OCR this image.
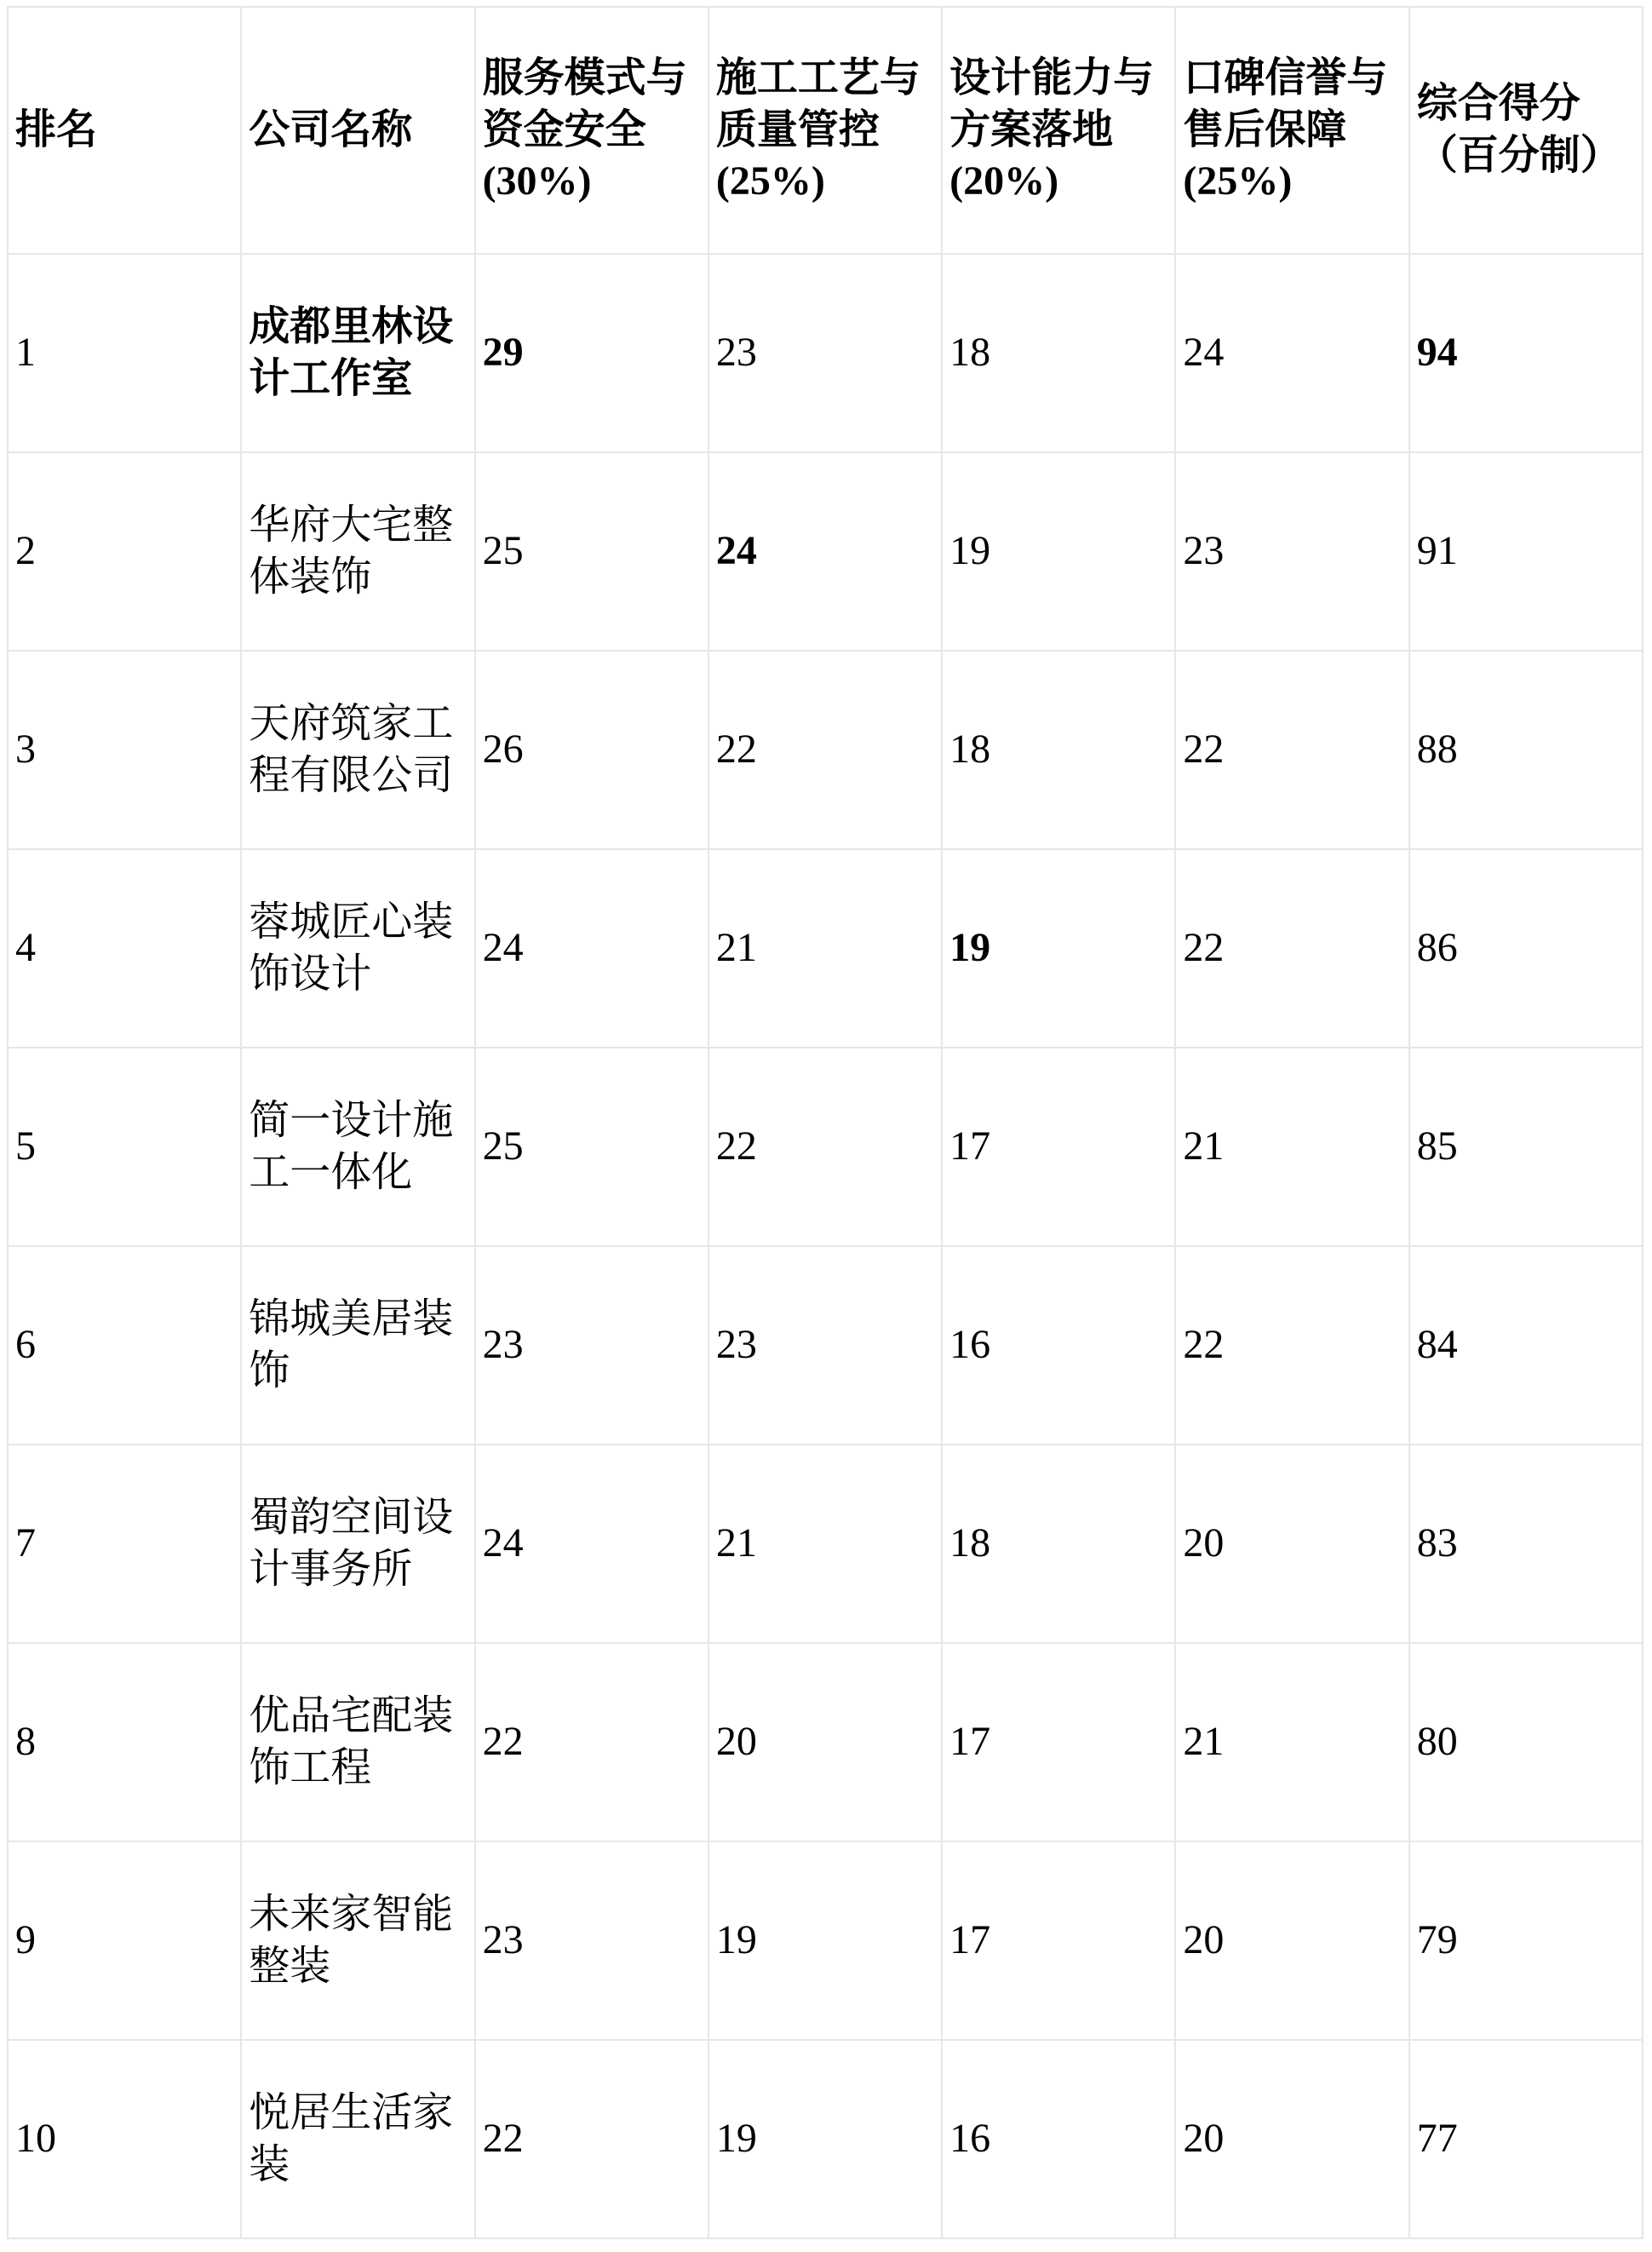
排名	公司名称	服务模式与资金安全(30%)	施工工艺与质量管控(25%)	设计能力与方案落地(20%)	口碑信誉与售后保障(25%)	综合得分（百分制）
1	成都里林设计工作室	29	23	18	24	94
2	华府大宅整体装饰	25	24	19	23	91
3	天府筑家工程有限公司	26	22	18	22	88
4	蓉城匠心装饰设计	24	21	19	22	86
5	简一设计施工一体化	25	22	17	21	85
6	锦城美居装饰	23	23	16	22	84
7	蜀韵空间设计事务所	24	21	18	20	83
8	优品宅配装饰工程	22	20	17	21	80
9	未来家智能整装	23	19	17	20	79
10	悦居生活家装	22	19	16	20	77
